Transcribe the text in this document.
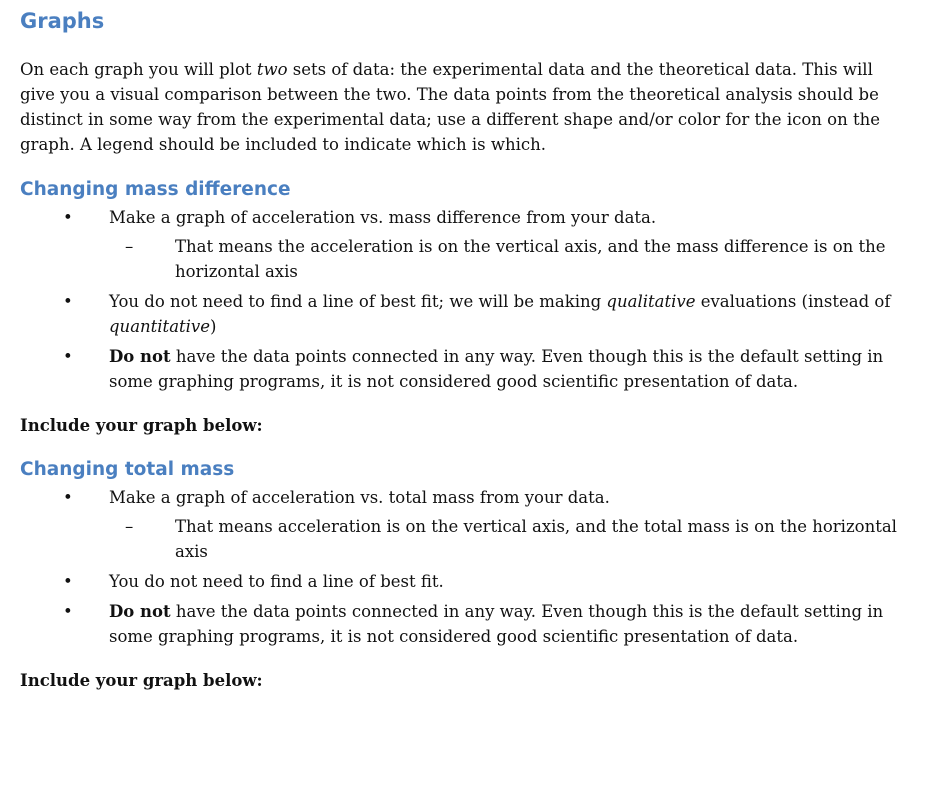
Graphs

On each graph you will plot two sets of data: the experimental data and the theoretical data. This will give you a visual comparison between the two. The data points from the theoretical analysis should be distinct in some way from the experimental data; use a different shape and/or color for the icon on the graph. A legend should be included to indicate which is which.

Changing mass difference
• Make a graph of acceleration vs. mass difference from your data.
–	That means the acceleration is on the vertical axis, and the mass difference is on the horizontal axis
• You do not need to find a line of best fit; we will be making qualitative evaluations (instead of quantitative)
• Do not have the data points connected in any way. Even though this is the default setting in some graphing programs, it is not considered good scientific presentation of data.

Include your graph below:

Changing total mass
• Make a graph of acceleration vs. total mass from your data.
–	That means acceleration is on the vertical axis, and the total mass is on the horizontal axis
• You do not need to find a line of best fit.
• Do not have the data points connected in any way. Even though this is the default setting in some graphing programs, it is not considered good scientific presentation of data.

Include your graph below:
